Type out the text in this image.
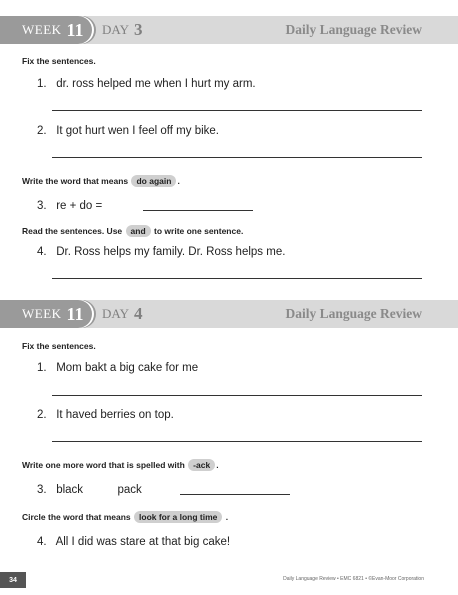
WEEK 11 DAY 3	Daily Language Review
Fix the sentences.
1. dr. ross helped me when I hurt my arm.
2. It got hurt wen I feel off my bike.
Write the word that means do again .
3. re + do =
Read the sentences. Use and to write one sentence.
4. Dr. Ross helps my family. Dr. Ross helps me.
WEEK 11 DAY 4	Daily Language Review
Fix the sentences.
1. Mom bakt a big cake for me
2. It haved berries on top.
Write one more word that is spelled with -ack .
3. black	pack
Circle the word that means look for a long time .
4. All I did was stare at that big cake!
34	Daily Language Review • EMC 6821 • ©Evan-Moor Corporation
